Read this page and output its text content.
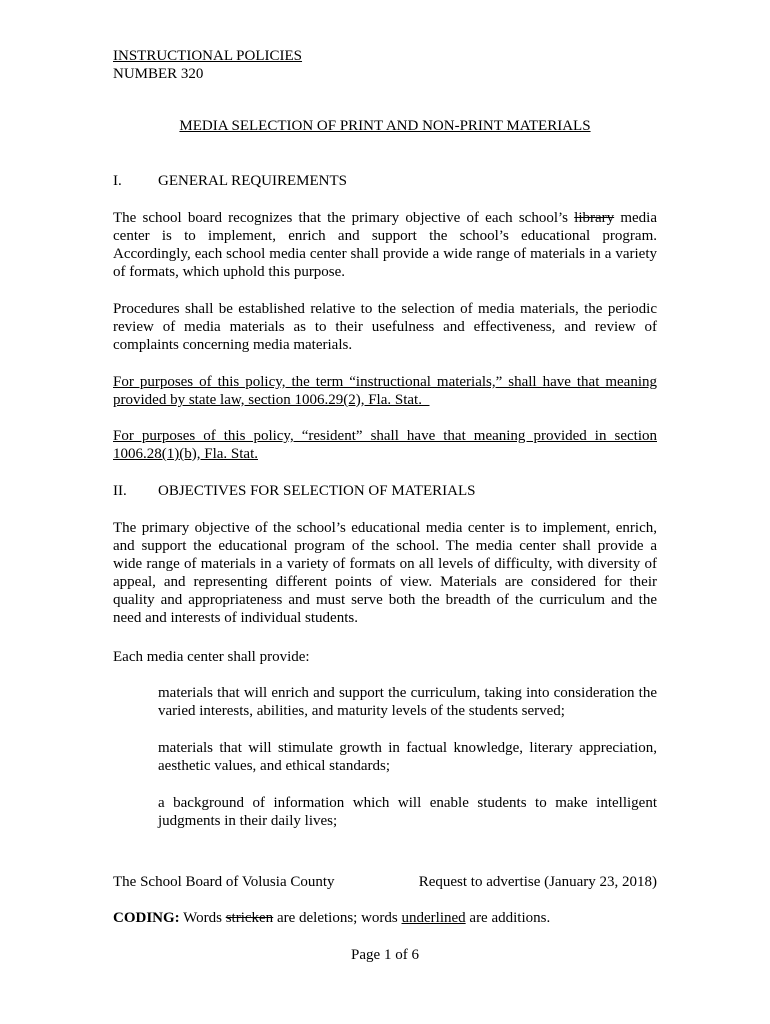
INSTRUCTIONAL POLICIES
NUMBER 320
MEDIA SELECTION OF PRINT AND NON-PRINT MATERIALS
I. GENERAL REQUIREMENTS
The school board recognizes that the primary objective of each school’s library media
center is to implement, enrich and support the school’s educational program.
Accordingly, each school media center shall provide a wide range of materials in a variety
of formats, which uphold this purpose.
Procedures shall be established relative to the selection of media materials, the periodic
review of media materials as to their usefulness and effectiveness, and review of
complaints concerning media materials.
For purposes of this policy, the term “instructional materials,” shall have that meaning
provided by state law, section 1006.29(2), Fla. Stat.
For purposes of this policy, “resident” shall have that meaning provided in section
1006.28(1)(b), Fla. Stat.
II. OBJECTIVES FOR SELECTION OF MATERIALS
The primary objective of the school’s educational media center is to implement, enrich,
and support the educational program of the school. The media center shall provide a
wide range of materials in a variety of formats on all levels of difficulty, with diversity of
appeal, and representing different points of view. Materials are considered for their
quality and appropriateness and must serve both the breadth of the curriculum and the
need and interests of individual students.
Each media center shall provide:
materials that will enrich and support the curriculum, taking into consideration the
varied interests, abilities, and maturity levels of the students served;
materials that will stimulate growth in factual knowledge, literary appreciation,
aesthetic values, and ethical standards;
a background of information which will enable students to make intelligent
judgments in their daily lives;
The School Board of Volusia County	Request to advertise (January 23, 2018)
CODING: Words stricken are deletions; words underlined are additions.
Page 1 of 6
